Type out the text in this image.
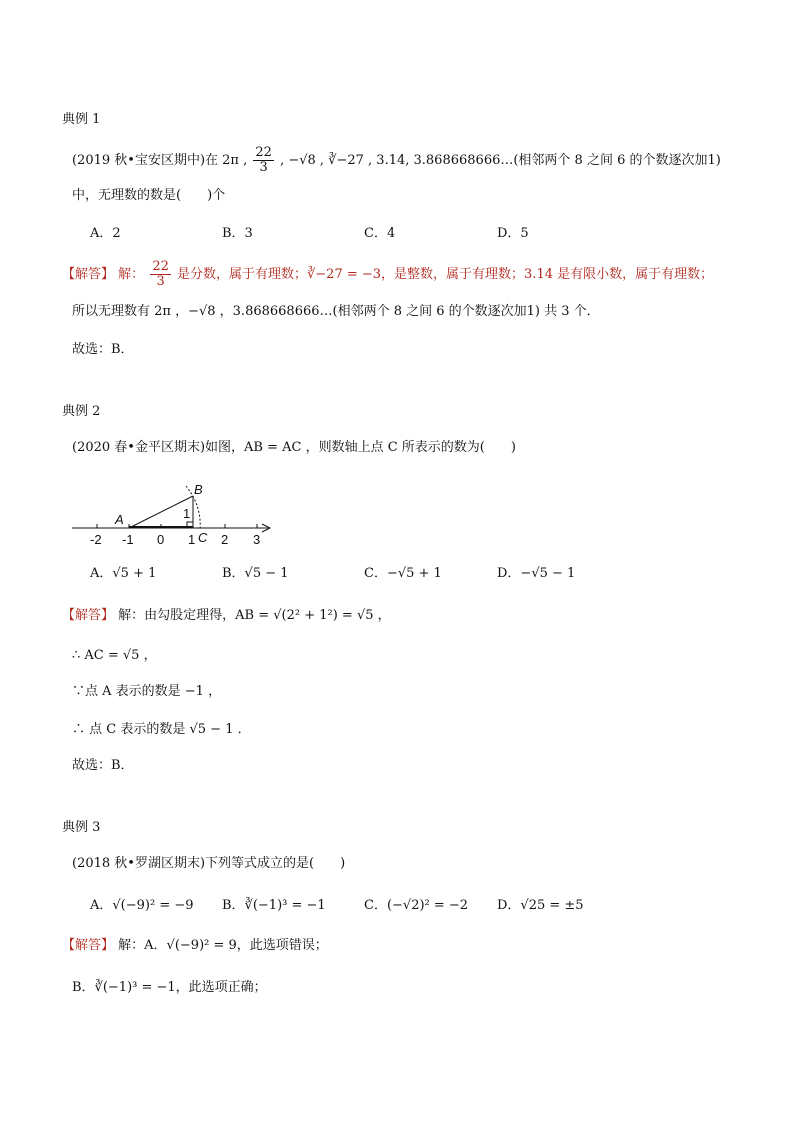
典例 1
(2019 秋•宝安区期中)在 2π , $\frac{22}{3}$ , −√8 , ∛−27 , 3.14, 3.868668666…(相邻两个 8 之间 6 的个数逐次加1)
中，无理数的数是(　　)个
A．2	B．3	C．4	D．5
【解答】 解： $\frac{22}{3}$ 是分数，属于有理数；∛−27 = −3，是整数，属于有理数；3.14 是有限小数，属于有理数；
所以无理数有 2π ，−√8 ，3.868668666…(相邻两个 8 之间 6 的个数逐次加1) 共 3 个．
故选：B．
典例 2
(2020 春•金平区期末)如图，AB = AC ，则数轴上点 C 所表示的数为(　　)
-2 -1 0 1 2 3
A
B
C
1
A．√5 + 1	B．√5 − 1	C．−√5 + 1	D．−√5 − 1
【解答】 解：由勾股定理得，AB = √(2² + 1²) = √5 ，
∴ AC = √5 ，
∵点 A 表示的数是 −1 ，
∴ 点 C 表示的数是 √5 − 1 ．
故选：B．
典例 3
(2018 秋•罗湖区期末)下列等式成立的是(　　)
A．√(−9)² = −9 B．∛(−1)³ = −1	C．(−√2)² = −2 D．√25 = ±5
【解答】 解：A．√(−9)² = 9，此选项错误；
B．∛(−1)³ = −1，此选项正确；
